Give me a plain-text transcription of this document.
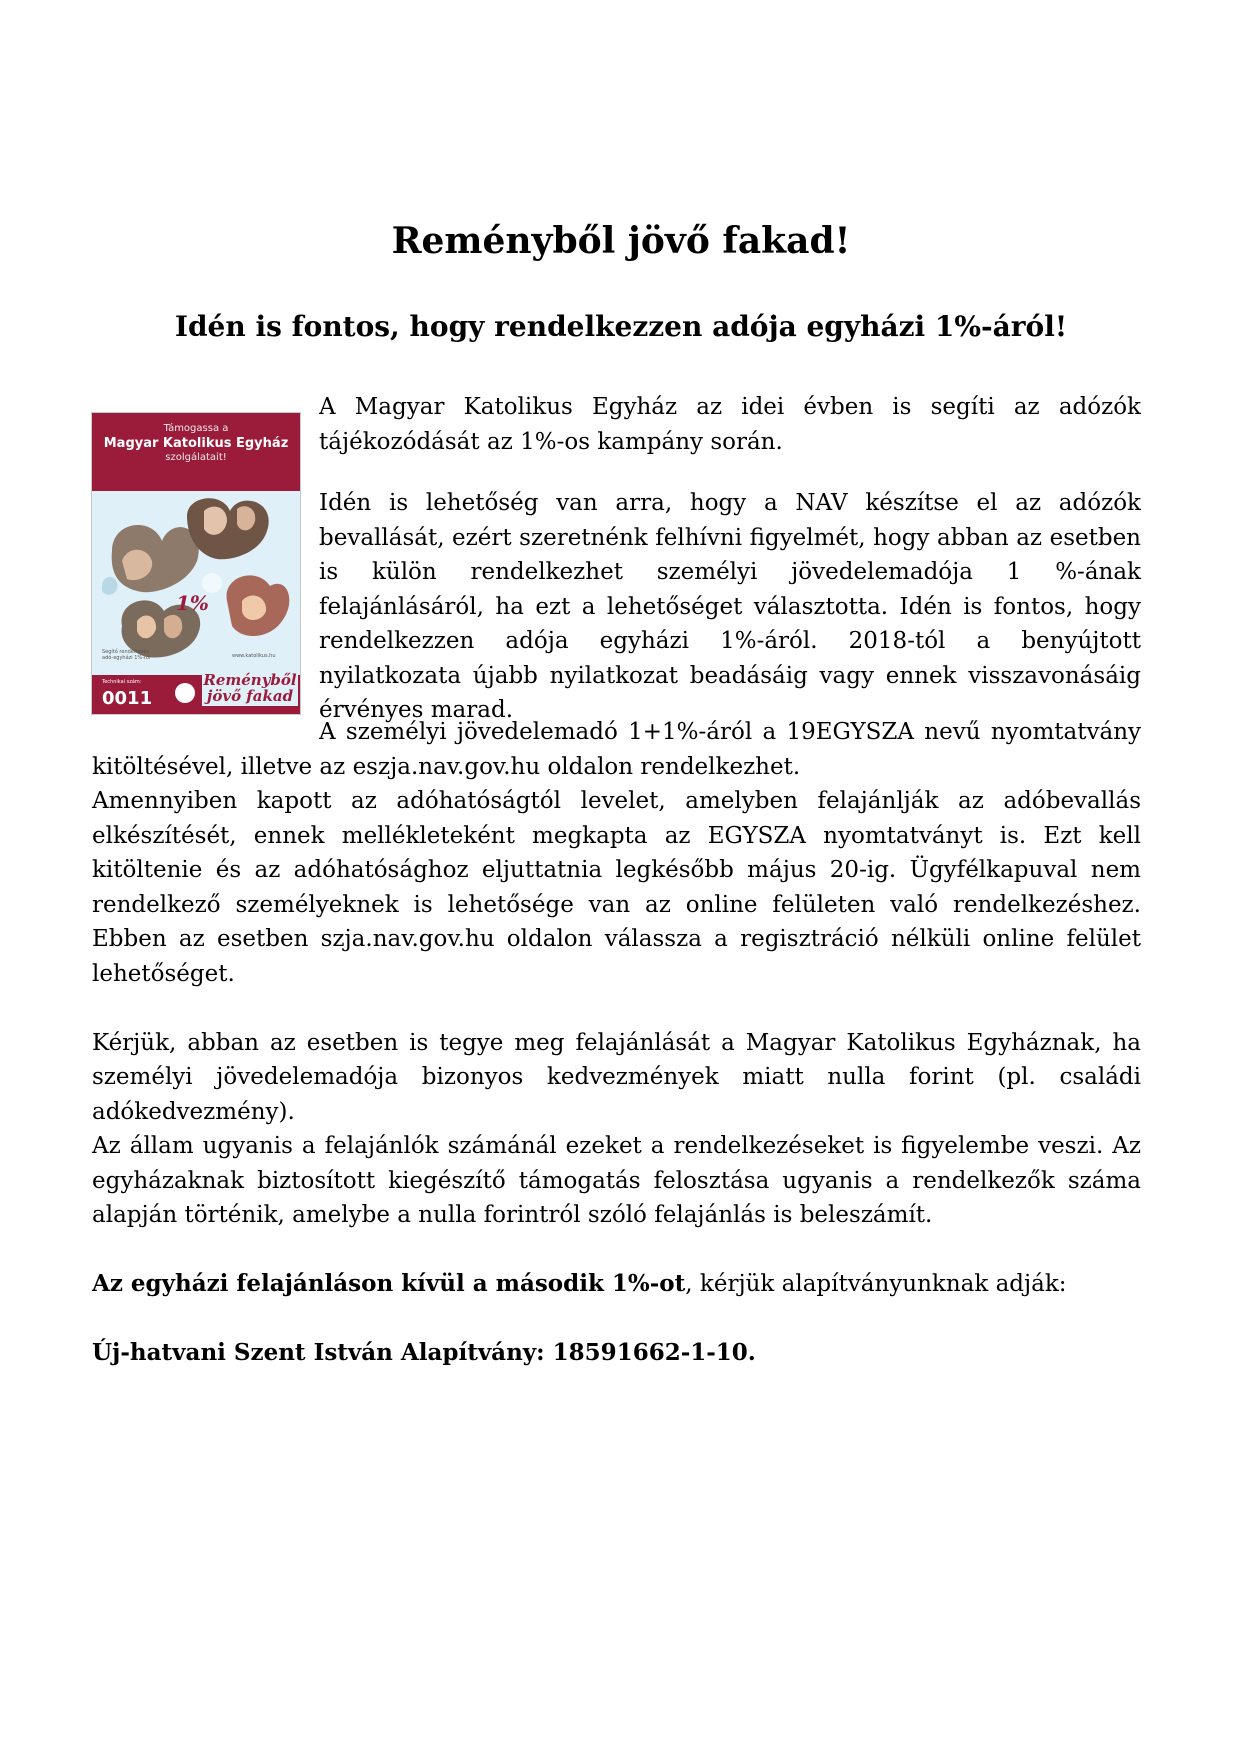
Reményből jövő fakad!
Idén is fontos, hogy rendelkezzen adója egyházi 1%-áról!
Támogassa a
Magyar Katolikus Egyház
szolgálatait!
1%
Segítő rendelkezés
adó-egyházi 1%-ról	www.katolikus.hu
Technikai szám:
0011
Reményből
jövő fakad

A Magyar Katolikus Egyház az idei évben is segíti az adózók tájékozódását az 1%-os kampány során.

Idén is lehetőség van arra, hogy a NAV készítse el az adózók bevallását, ezért szeretnénk felhívni figyelmét, hogy abban az esetben is külön rendelkezhet személyi jövedelemadója 1 %-ának felajánlásáról, ha ezt a lehetőséget választotta. Idén is fontos, hogy rendelkezzen adója egyházi 1%-áról. 2018-tól a benyújtott nyilatkozata újabb nyilatkozat beadásáig vagy ennek visszavonásáig érvényes marad.

A személyi jövedelemadó 1+1%-áról a 19EGYSZA nevű nyomtatvány kitöltésével, illetve az eszja.nav.gov.hu oldalon rendelkezhet.

Amennyiben kapott az adóhatóságtól levelet, amelyben felajánlják az adóbevallás elkészítését, ennek mellékleteként megkapta az EGYSZA nyomtatványt is. Ezt kell kitöltenie és az adóhatósághoz eljuttatnia legkésőbb május 20-ig. Ügyfélkapuval nem rendelkező személyeknek is lehetősége van az online felületen való rendelkezéshez. Ebben az esetben szja.nav.gov.hu oldalon válassza a regisztráció nélküli online felület lehetőséget.

Kérjük, abban az esetben is tegye meg felajánlását a Magyar Katolikus Egyháznak, ha személyi jövedelemadója bizonyos kedvezmények miatt nulla forint (pl. családi adókedvezmény).

Az állam ugyanis a felajánlók számánál ezeket a rendelkezéseket is figyelembe veszi. Az egyházaknak biztosított kiegészítő támogatás felosztása ugyanis a rendelkezők száma alapján történik, amelybe a nulla forintról szóló felajánlás is beleszámít.

Az egyházi felajánláson kívül a második 1%-ot, kérjük alapítványunknak adják:

Új-hatvani Szent István Alapítvány: 18591662-1-10.
